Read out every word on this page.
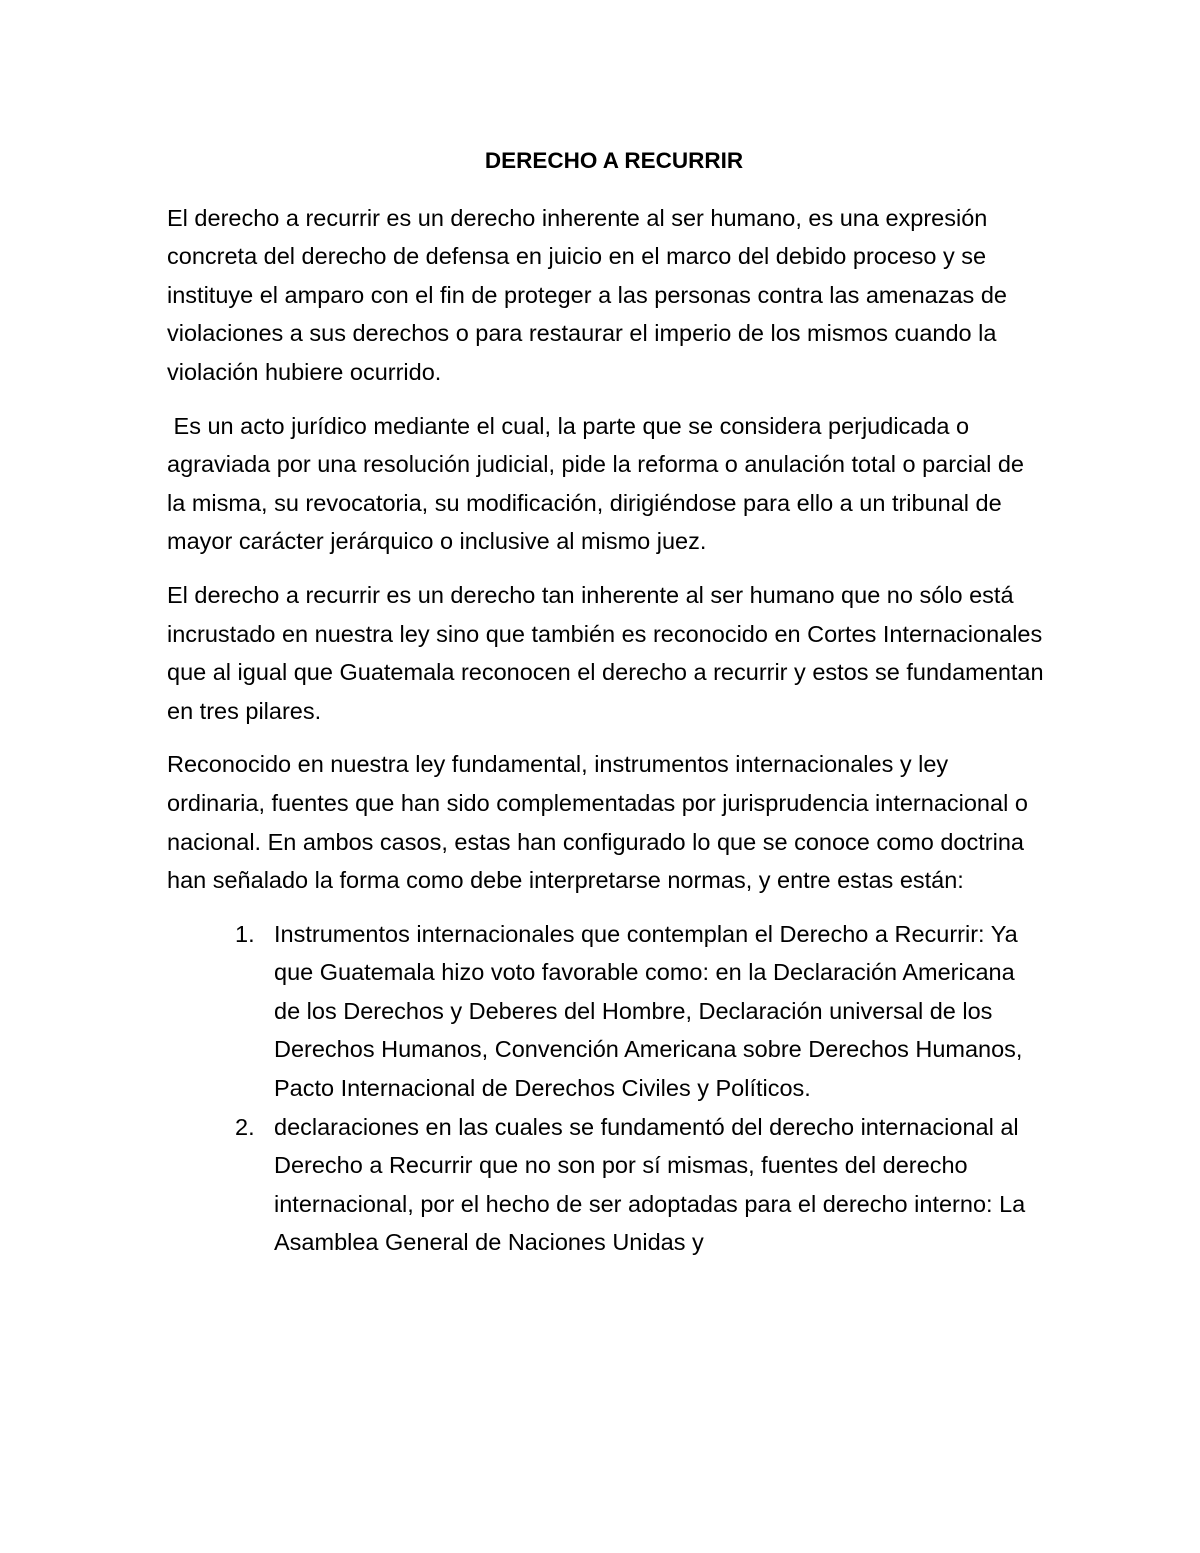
DERECHO A RECURRIR

El derecho a recurrir es un derecho inherente al ser humano, es una expresión concreta del derecho de defensa en juicio en el marco del debido proceso y se instituye el amparo con el fin de proteger a las personas contra las amenazas de violaciones a sus derechos o para restaurar el imperio de los mismos cuando la violación hubiere ocurrido.

Es un acto jurídico mediante el cual, la parte que se considera perjudicada o agraviada por una resolución judicial, pide la reforma o anulación total o parcial de la misma, su revocatoria, su modificación, dirigiéndose para ello a un tribunal de mayor carácter jerárquico o inclusive al mismo juez.

El derecho a recurrir es un derecho tan inherente al ser humano que no sólo está incrustado en nuestra ley sino que también es reconocido en Cortes Internacionales que al igual que Guatemala reconocen el derecho a recurrir y estos se fundamentan en tres pilares.

Reconocido en nuestra ley fundamental, instrumentos internacionales y ley ordinaria, fuentes que han sido complementadas por jurisprudencia internacional o nacional. En ambos casos, estas han configurado lo que se conoce como doctrina han señalado la forma como debe interpretarse normas, y entre estas están:

1. Instrumentos internacionales que contemplan el Derecho a Recurrir: Ya que Guatemala hizo voto favorable como: en la Declaración Americana de los Derechos y Deberes del Hombre, Declaración universal de los Derechos Humanos, Convención Americana sobre Derechos Humanos, Pacto Internacional de Derechos Civiles y Políticos.
2. declaraciones en las cuales se fundamentó del derecho internacional al Derecho a Recurrir que no son por sí mismas, fuentes del derecho internacional, por el hecho de ser adoptadas para el derecho interno: La Asamblea General de Naciones Unidas y
